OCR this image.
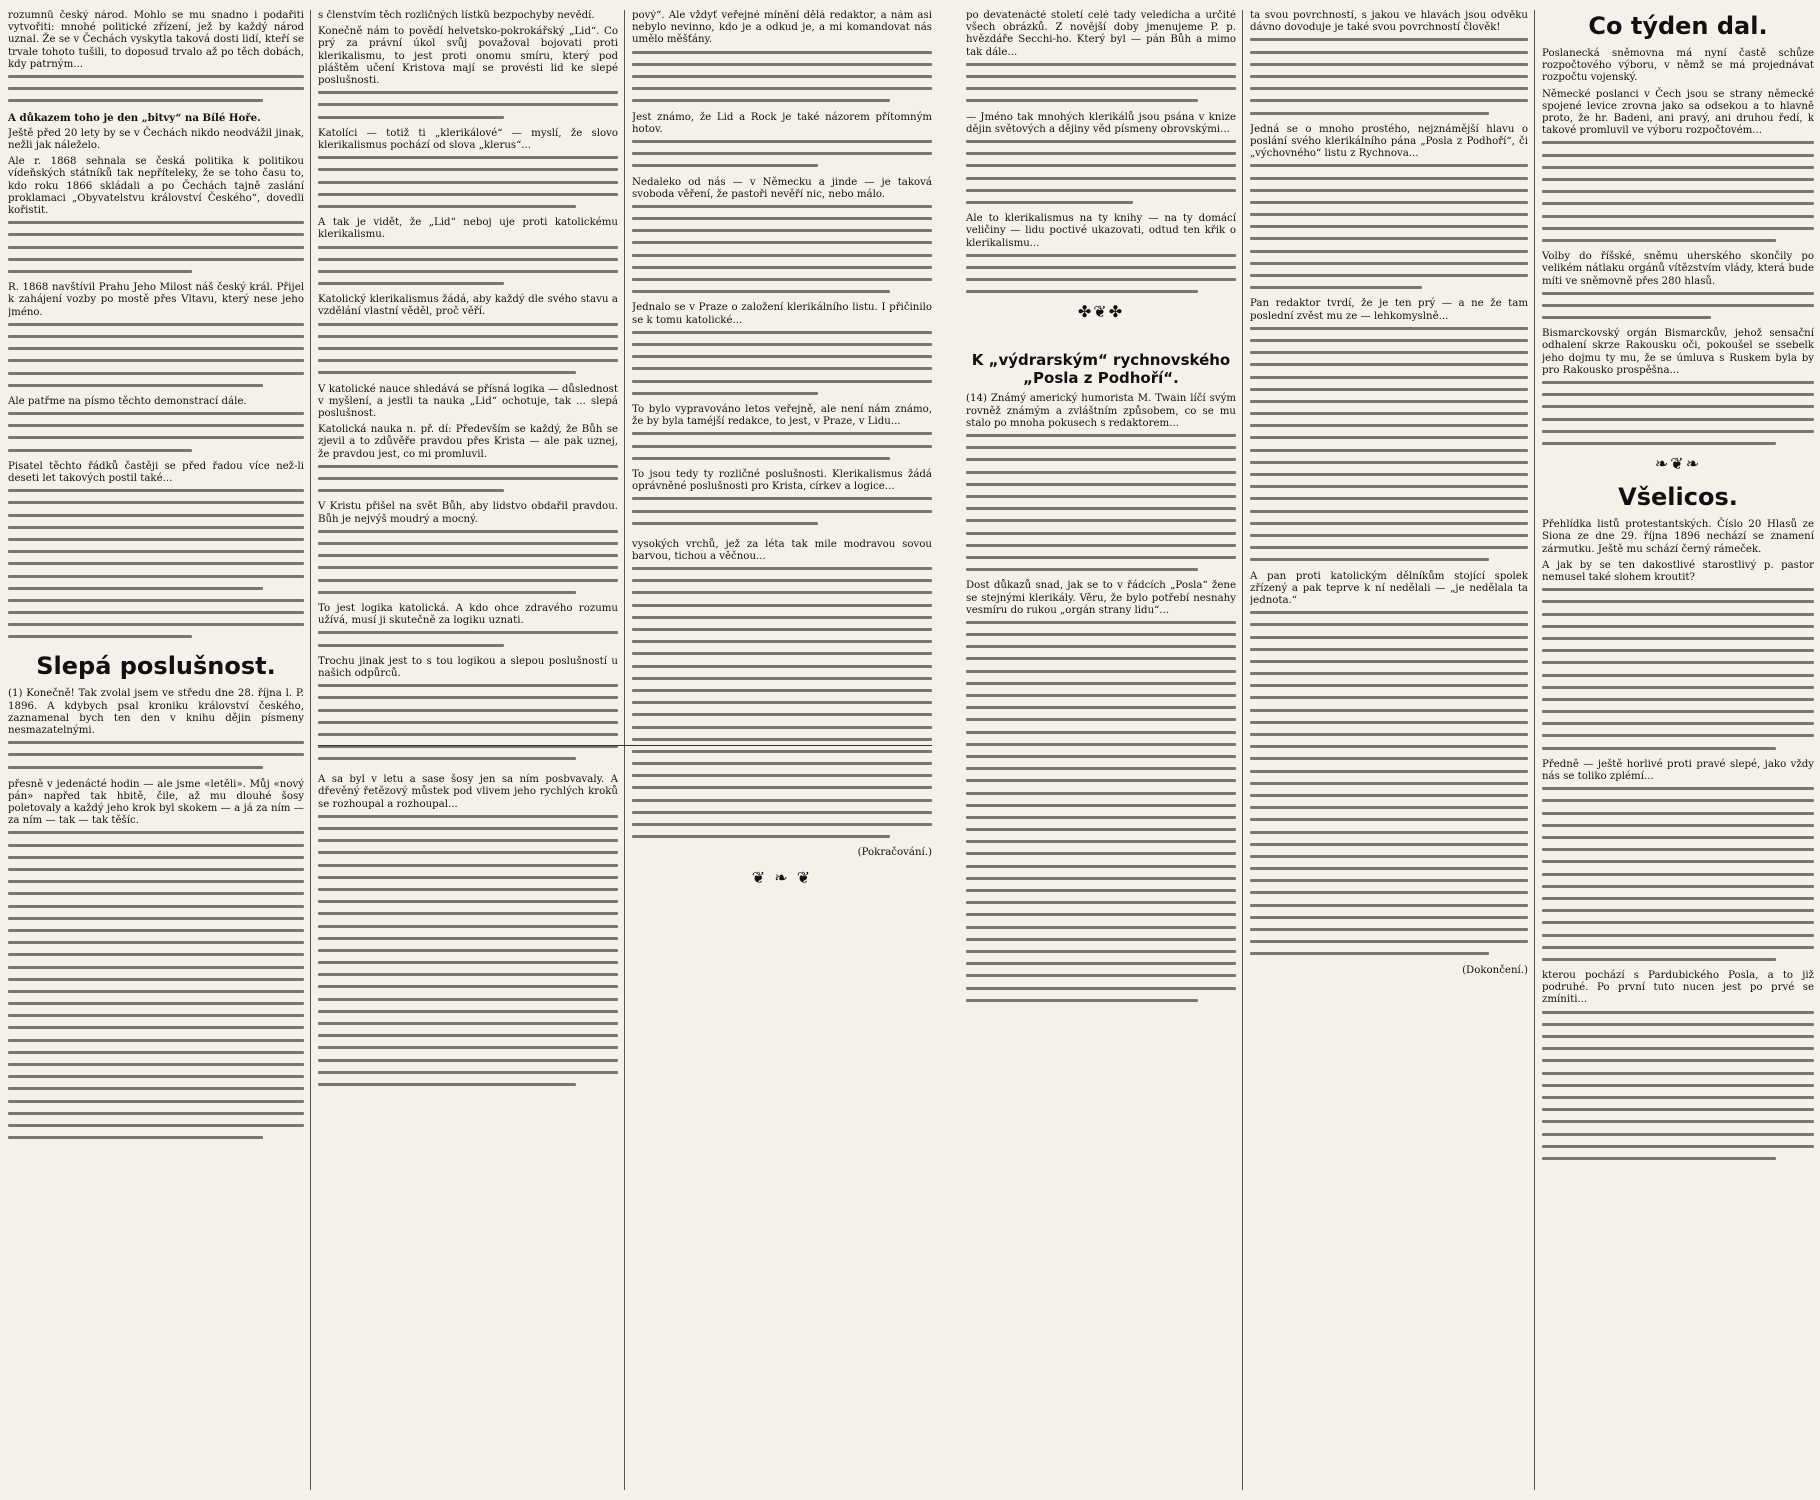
rozumnů český národ. Mohlo se mu snadno i podařiti vytvořiti: mnohé politické zřízení, jež by každý národ uznal. Že se v Čechách vyskytla taková dosti lidí, kteří se trvale tohoto tušili, to doposud trvalo až po těch dobách, kdy patrným...

A důkazem toho je den „bitvy“ na Bílé Hoře.

Ještě před 20 lety by se v Čechách nikdo neodvážil jinak, nežli jak náleželo.

Ale r. 1868 sehnala se česká politika k politikou vídeňských státníků tak nepříteleky, že se toho času to, kdo roku 1866 skládali a po Čechách tajně zaslání proklamaci „Obyvatelstvu království Českého“, dovedli kořistit.

R. 1868 navštívil Prahu Jeho Milost náš český král. Přijel k zahájení vozby po mostě přes Vltavu, který nese jeho jméno.

Ale patřme na písmo těchto demonstrací dále.

Pisatel těchto řádků častěji se před řadou více než-li deseti let takových postil také...

Slepá poslušnost.

(1) Konečně! Tak zvolal jsem ve středu dne 28. října l. P. 1896. A kdybych psal kroniku království českého, zaznamenal bych ten den v knihu dějin písmeny nesmazatelnými.

přesně v jedenácté hodin — ale jsme «letěli». Můj «nový pán» napřed tak hbitě, čile, až mu dlouhé šosy poletovaly a každý jeho krok byl skokem — a já za ním — za ním — tak — tak těšíc.

s členstvím těch rozličných lístků bezpochyby nevědí.

Konečně nám to povědí helvetsko-pokrokářský „Lid“. Co prý za právní úkol svůj považoval bojovati proti klerikalismu, to jest proti onomu smíru, který pod pláštěm učení Kristova mají se provésti lid ke slepé poslušnosti.

Katolíci — totiž ti „klerikálové“ — myslí, že slovo klerikalismus pochází od slova „klerus“...

A tak je vidět, že „Lid“ neboj uje proti katolickému klerikalismu.

Katolický klerikalismus žádá, aby každý dle svého stavu a vzdělání vlastní věděl, proč věří.

V katolické nauce shledává se přísná logika — důslednost v myšlení, a jestli ta nauka „Lid“ ochotuje, tak ... slepá poslušnost.

Katolická nauka n. př. dí: Především se každý, že Bůh se zjevil a to zdůvěře pravdou přes Krista — ale pak uznej, že pravdou jest, co mi promluvil.

V Kristu přišel na svět Bůh, aby lidstvo obdařil pravdou. Bůh je nejvýš moudrý a mocný.

To jest logika katolická. A kdo ohce zdravého rozumu užívá, musí ji skutečně za logiku uznati.

Trochu jinak jest to s tou logikou a slepou poslušností u našich odpůrců.

A sa byl v letu a sase šosy jen sa ním posbvavaly. A dřevěný řetězový můstek pod vlivem jeho rychlých kroků se rozhoupal a rozhoupal...

pový“. Ale vždyť veřejné mínění dělá redaktor, a nám asi nebylo nevinno, kdo je a odkud je, a mi komandovat nás umělo měšťány.

Jest známo, že Lid a Rock je také názorem přítomným hotov.

Nedaleko od nás — v Německu a jinde — je taková svoboda věření, že pastoři nevěří nic, nebo málo.

Jednalo se v Praze o založení klerikálního listu. I přičinilo se k tomu katolické...

To bylo vypravováno letos veřejně, ale není nám známo, že by byla taméjší redakce, to jest, v Praze, v Lidu...

To jsou tedy ty rozličné poslušnosti. Klerikalismus žádá oprávněné poslušnosti pro Krista, církev a logice...

vysokých vrchů, jež za léta tak mile modravou sovou barvou, tichou a věčnou...

(Pokračování.)

❦ ❧ ❦

po devatenácté století celé tady veledícha a určité všech obrázků. Z novější doby jmenujeme P. p. hvězdáře Secchi-ho. Který byl — pán Bůh a mimo tak dále...

— Jméno tak mnohých klerikálů jsou psána v knize dějin světových a dějiny věd písmeny obrovskými...

Ale to klerikalismus na ty knihy — na ty domácí veličiny — lidu poctivé ukazovati, odtud ten křik o klerikalismu...

✤❦✤
K „výdrarským“ rychnovského „Posla z Podhoří“.

(14) Známý americký humorista M. Twain líčí svým rovněž známým a zvláštním způsobem, co se mu stalo po mnoha pokusech s redaktorem...

Dost důkazů snad, jak se to v řádcích „Posla“ žene se stejnými klerikály. Věru, že bylo potřebí nesnahy vesmíru do rukou „orgán strany lidu“...

ta svou povrchností, s jakou ve hlavách jsou odvěku dávno dovoduje je také svou povrchností člověk!

Jedná se o mnoho prostého, nejznámější hlavu o poslání svého klerikálního pána „Posla z Podhoří“, či „výchovného“ listu z Rychnova...

Pan redaktor tvrdí, že je ten prý — a ne že tam poslední zvěst mu ze — lehkomyslně...

A pan proti katolickým dělníkům stojící spolek zřízený a pak teprve k ní nedělali — „je nedělala ta jednota.“

(Dokončení.)

Co týden dal.

Poslanecká sněmovna má nyní častě schůze rozpočtového výboru, v němž se má projednávat rozpočtu vojenský.

Německé poslanci v Čech jsou se strany německé spojené levice zrovna jako sa odsekou a to hlavně proto, že hr. Badeni, ani pravý, ani druhou ředí, k takové promluvil ve výboru rozpočtovém...

Volby do říšské, sněmu uherského skončily po velikém nátlaku orgánů vítězstvím vlády, která bude míti ve sněmovně přes 280 hlasů.

Bismarckovský orgán Bismarckův, jehož sensační odhalení skrze Rakousku oči, pokoušel se ssebelk jeho dojmu ty mu, že se úmluva s Ruskem byla by pro Rakousko prospěšna...

❧❦❧
Všelicos.

Přehlídka listů protestantských. Číslo 20 Hlasů ze Siona ze dne 29. října 1896 nechází se znamení zármutku. Ještě mu schází černý rámeček.

A jak by se ten dakostlivé starostlivý p. pastor nemusel také slohem kroutit?

Předně — ještě horlivé proti pravé slepé, jako vždy nás se toliko zplémí...

kterou pochází s Pardubického Posla, a to již podruhé. Po první tuto nucen jest po prvé se zmíniti...
